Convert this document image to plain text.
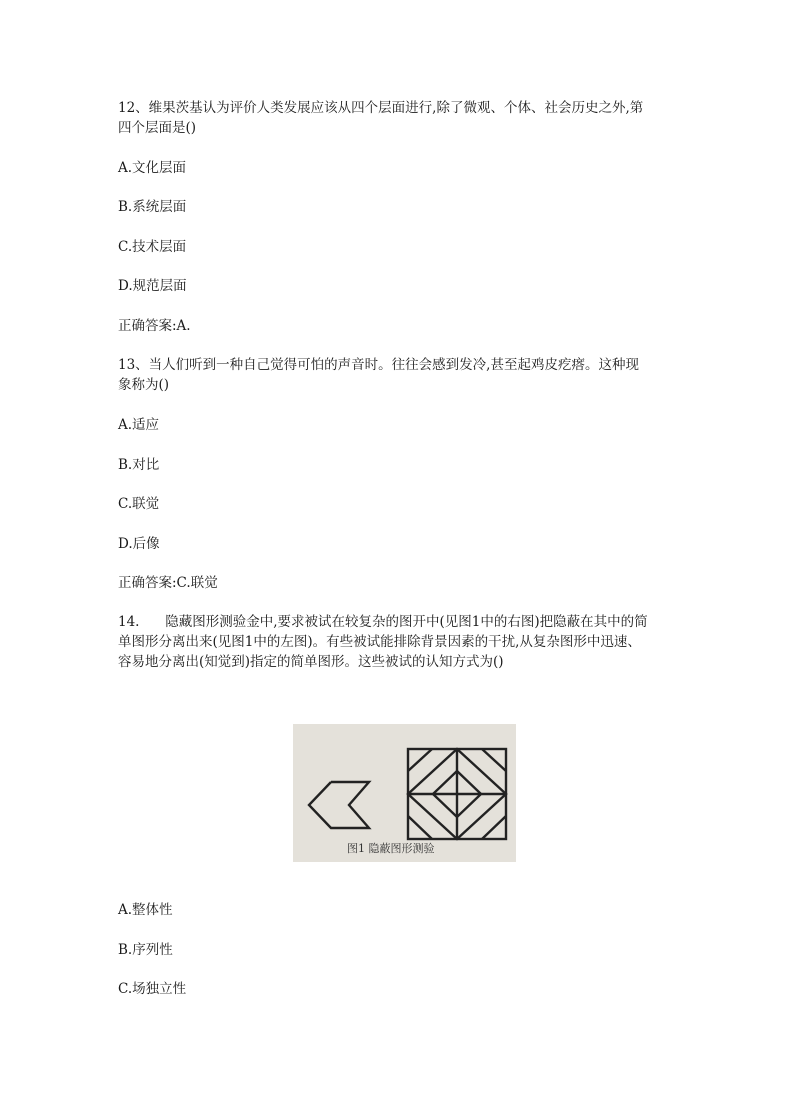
12、维果茨基认为评价人类发展应该从四个层面进行,除了微观、个体、社会历史之外,第
四个层面是()
A.文化层面
B.系统层面
C.技术层面
D.规范层面
正确答案:A.
13、当人们听到一种自己觉得可怕的声音时。往往会感到发冷,甚至起鸡皮疙瘩。这种现
象称为()
A.适应
B.对比
C.联觉
D.后像
正确答案:C.联觉
14.      隐藏图形测验金中,要求被试在较复杂的图开中(见图1中的右图)把隐蔽在其中的简
单图形分离出来(见图1中的左图)。有些被试能排除背景因素的干扰,从复杂图形中迅速、
容易地分离出(知觉到)指定的简单图形。这些被试的认知方式为()
图1 隐蔽图形测验
A.整体性
B.序列性
C.场独立性
